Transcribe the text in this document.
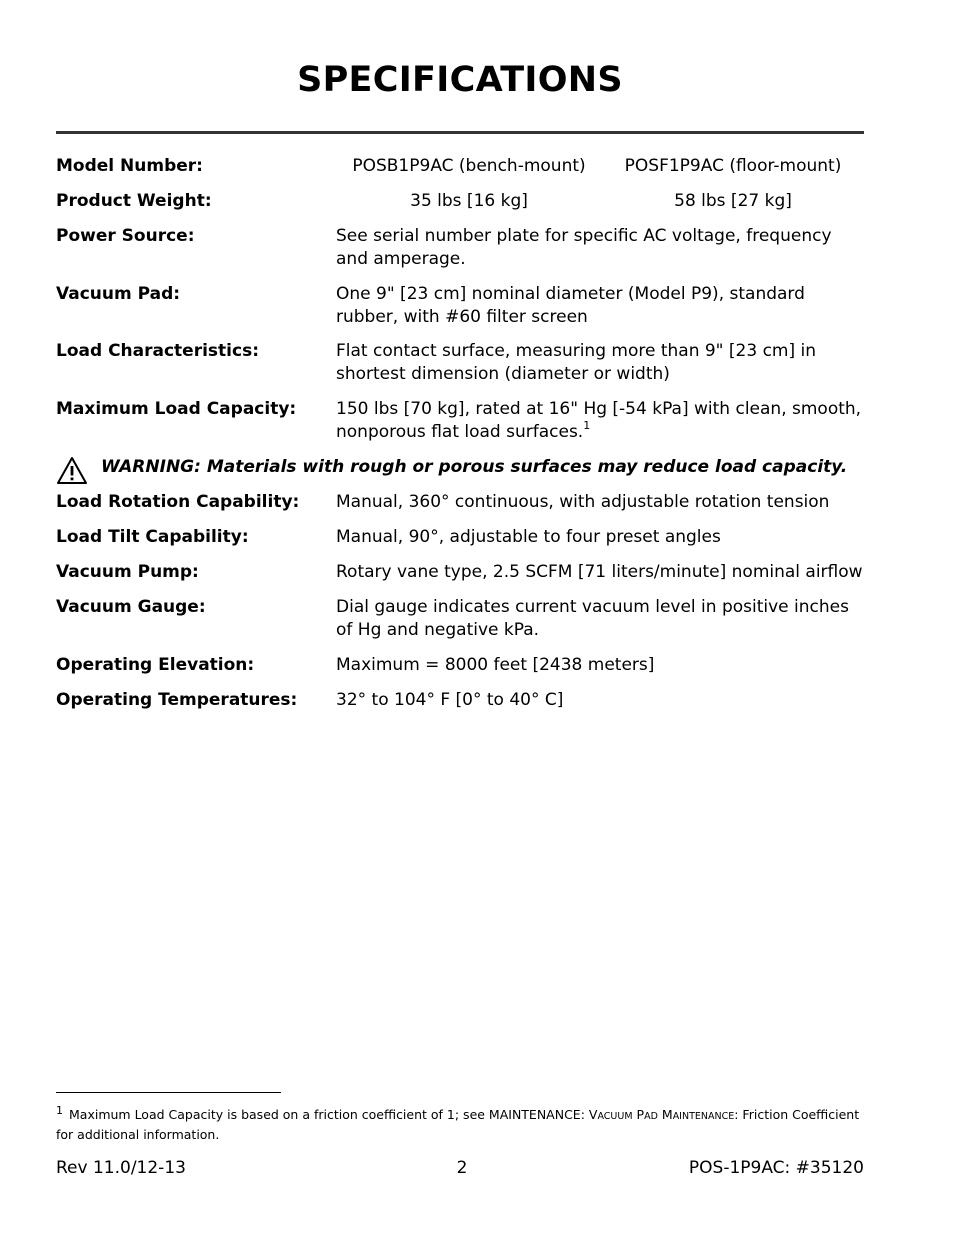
SPECIFICATIONS
Model Number:	POSB1P9AC (bench-mount)	POSF1P9AC (floor-mount)
Product Weight:	35 lbs [16 kg]	58 lbs [27 kg]
Power Source:	See serial number plate for specific AC voltage, frequency and amperage.
Vacuum Pad:	One 9" [23 cm] nominal diameter (Model P9), standard rubber, with #60 filter screen
Load Characteristics:	Flat contact surface, measuring more than 9" [23 cm] in shortest dimension (diameter or width)
Maximum Load Capacity: 150 lbs [70 kg], rated at 16" Hg [-54 kPa] with clean, smooth, nonporous flat load surfaces.$^1$
WARNING: Materials with rough or porous surfaces may reduce load capacity.
Load Rotation Capability: Manual, 360° continuous, with adjustable rotation tension
Load Tilt Capability:	Manual, 90°, adjustable to four preset angles
Vacuum Pump:	Rotary vane type, 2.5 SCFM [71 liters/minute] nominal airflow
Vacuum Gauge:	Dial gauge indicates current vacuum level in positive inches of Hg and negative kPa.
Operating Elevation:	Maximum = 8000 feet [2438 meters]
Operating Temperatures: 32° to 104° F [0° to 40° C]
1 Maximum Load Capacity is based on a friction coefficient of 1; see MAINTENANCE: VACUUM PAD MAINTENANCE: Friction Coefficient for additional information.
Rev 11.0/12-13	2	POS-1P9AC: #35120
